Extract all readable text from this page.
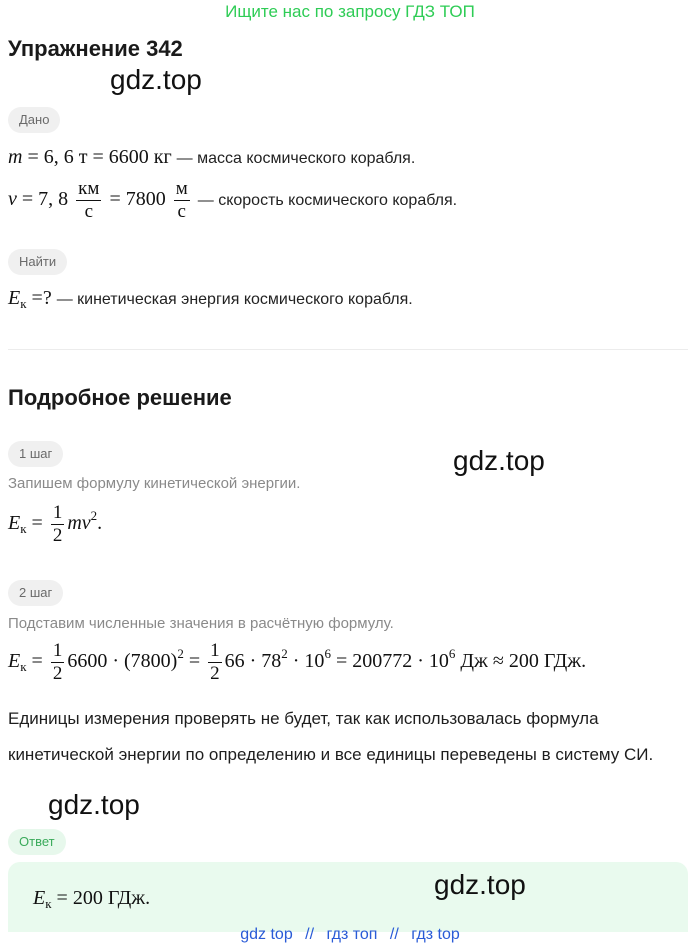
Ищите нас по запросу ГДЗ ТОП
Упражнение 342
gdz.top
Дано
m = 6, 6 т = 6600 кг — масса космического корабля.
v = 7, $8 \frac{км}{с} = 7800 \frac{м}{с}$ — скорость космического корабля.
Найти
$E_к$ =? — кинетическая энергия космического корабля.
Подробное решение
1 шаг	gdz.top
Запишем формулу кинетической энергии.
$E_к = \frac{1}{2} mv^2$.
2 шаг
Подставим численные значения в расчётную формулу.
$E_к = \frac{1}{2} 6600 \cdot (7800)^2 = \frac{1}{2} 66 \cdot 78^2 \cdot 10^6 = 200772 \cdot 10^6$ Дж ≈ 200 ГДж.
Единицы измерения проверять не будет, так как использовалась формула кинетической энергии по определению и все единицы переведены в систему СИ.
gdz.top
Ответ
gdz.top
$E_к = 200$ ГДж.
gdz top // гдз топ // гдз top
